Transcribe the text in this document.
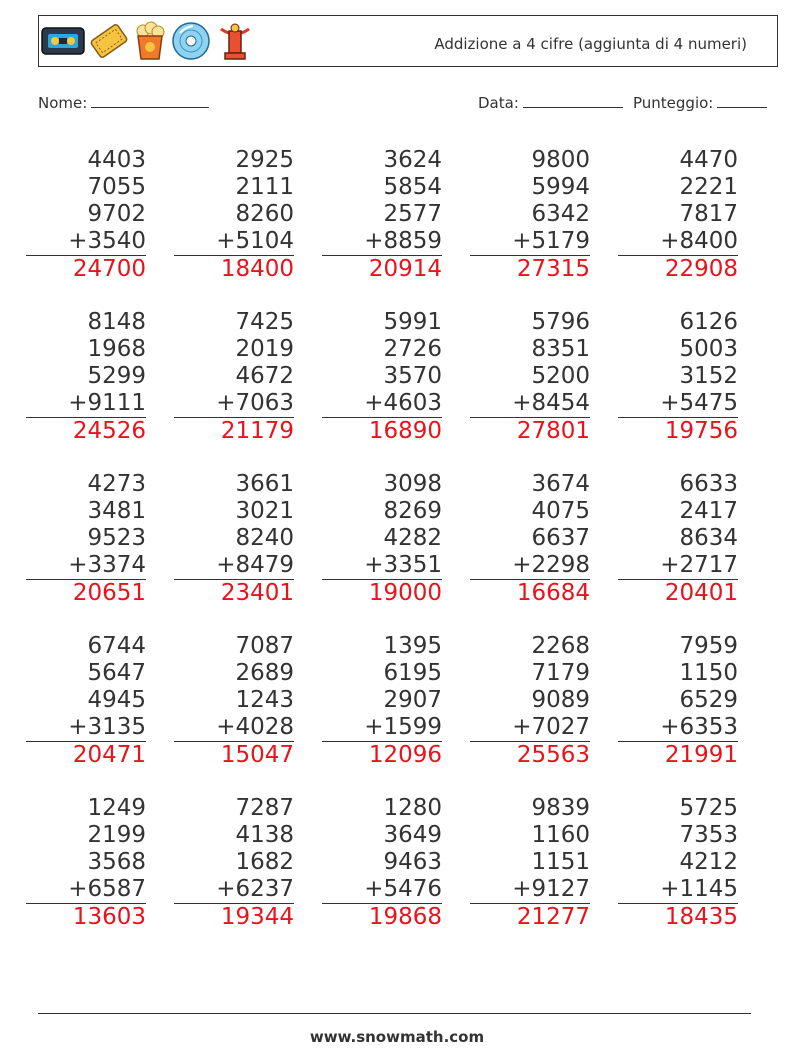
Addizione a 4 cifre (aggiunta di 4 numeri)
Nome:	Data:	Punteggio:
4403
7055
9702
+3540
24700
2925
2111
8260
+5104
18400
3624
5854
2577
+8859
20914
9800
5994
6342
+5179
27315
4470
2221
7817
+8400
22908
8148
1968
5299
+9111
24526
7425
2019
4672
+7063
21179
5991
2726
3570
+4603
16890
5796
8351
5200
+8454
27801
6126
5003
3152
+5475
19756
4273
3481
9523
+3374
20651
3661
3021
8240
+8479
23401
3098
8269
4282
+3351
19000
3674
4075
6637
+2298
16684
6633
2417
8634
+2717
20401
6744
5647
4945
+3135
20471
7087
2689
1243
+4028
15047
1395
6195
2907
+1599
12096
2268
7179
9089
+7027
25563
7959
1150
6529
+6353
21991
1249
2199
3568
+6587
13603
7287
4138
1682
+6237
19344
1280
3649
9463
+5476
19868
9839
1160
1151
+9127
21277
5725
7353
4212
+1145
18435
www.snowmath.com
